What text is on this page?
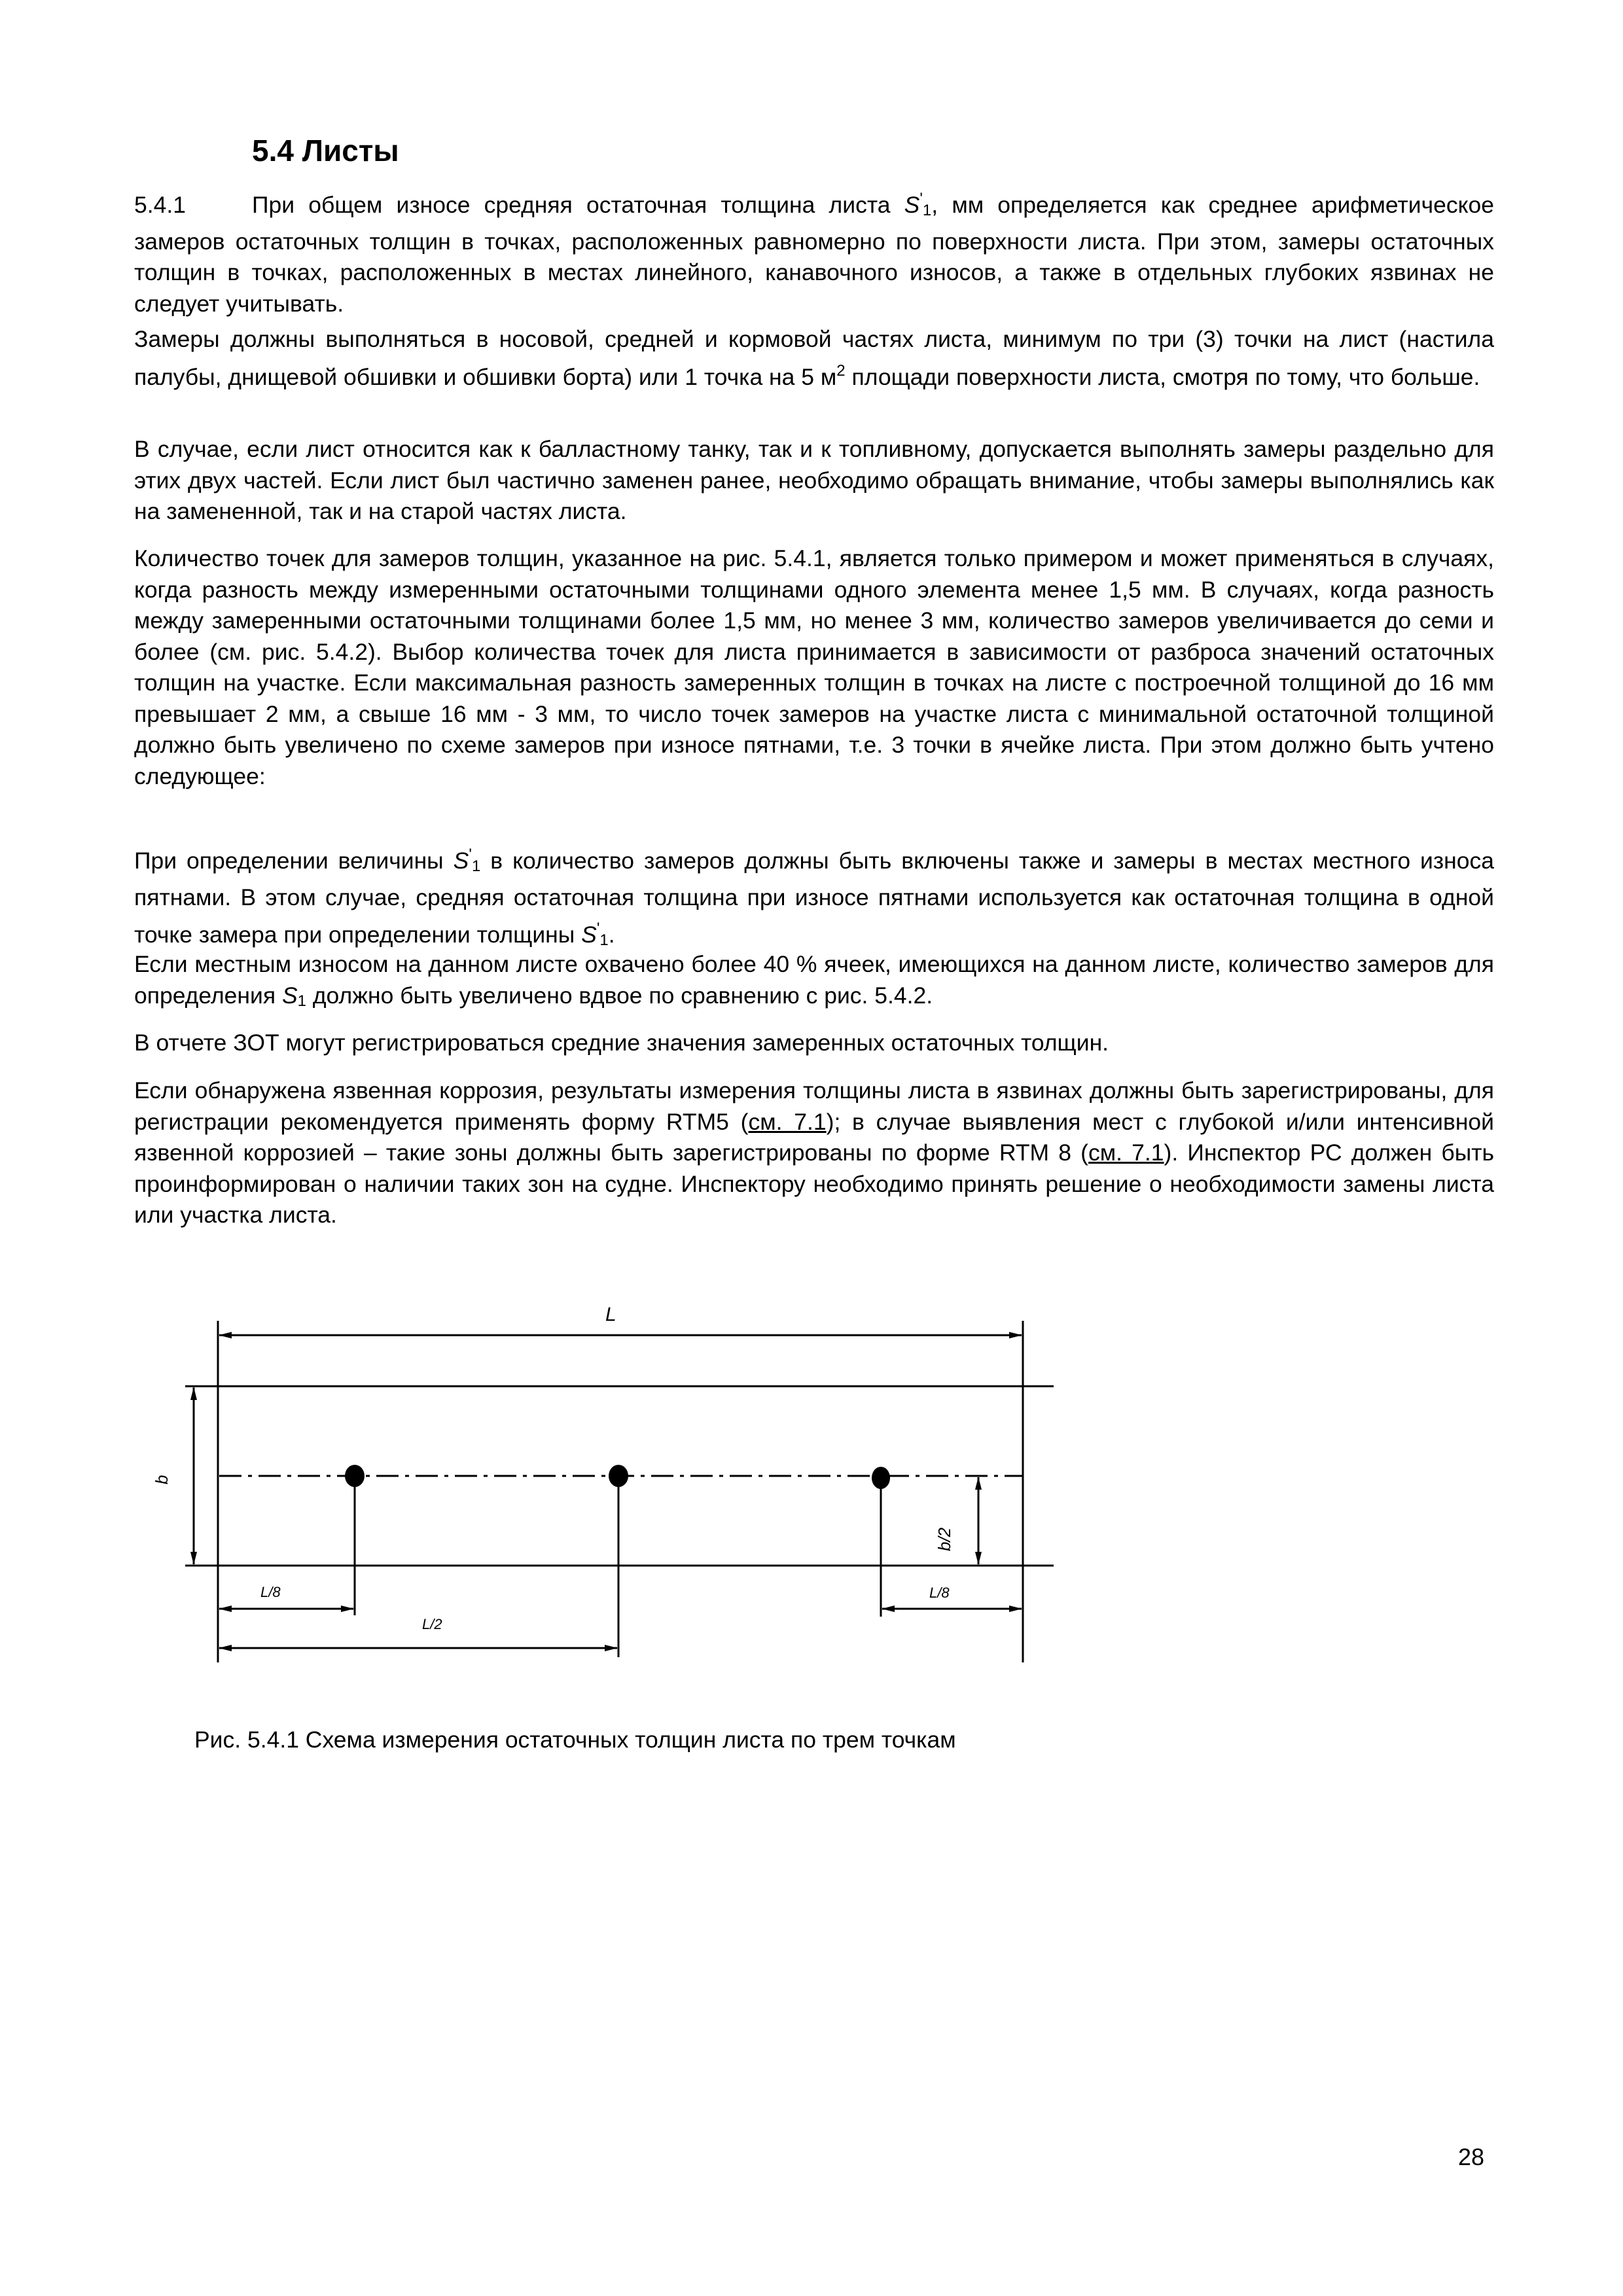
5.4 Листы
5.4.1	При общем износе средняя остаточная толщина листа S'1, мм определяется как среднее арифметическое замеров остаточных толщин в точках, расположенных равномерно по поверхности листа. При этом, замеры остаточных толщин в точках, расположенных в местах линейного, канавочного износов, а также в отдельных глубоких язвинах не следует учитывать.
Замеры должны выполняться в носовой, средней и кормовой частях листа, минимум по три (3) точки на лист (настила палубы, днищевой обшивки и обшивки борта) или 1 точка на 5 $м^2$ площади поверхности листа, смотря по тому, что больше.
В случае, если лист относится как к балластному танку, так и к топливному, допускается выполнять замеры раздельно для этих двух частей. Если лист был частично заменен ранее, необходимо обращать внимание, чтобы замеры выполнялись как на замененной, так и на старой частях листа.
Количество точек для замеров толщин, указанное на рис. 5.4.1, является только примером и может применяться в случаях, когда разность между измеренными остаточными толщинами одного элемента менее 1,5 мм. В случаях, когда разность между замеренными остаточными толщинами более 1,5 мм, но менее 3 мм, количество замеров увеличивается до семи и более (см. рис. 5.4.2). Выбор количества точек для листа принимается в зависимости от разброса значений остаточных толщин на участке. Если максимальная разность замеренных толщин в точках на листе с построечной толщиной до 16 мм превышает 2 мм, а свыше 16 мм - 3 мм, то число точек замеров на участке листа с минимальной остаточной толщиной должно быть увеличено по схеме замеров при износе пятнами, т.е. 3 точки в ячейке листа. При этом должно быть учтено следующее:
При определении величины S'1 в количество замеров должны быть включены также и замеры в местах местного износа пятнами. В этом случае, средняя остаточная толщина при износе пятнами используется как остаточная толщина в одной точке замера при определении толщины S'1.
Если местным износом на данном листе охвачено более 40 % ячеек, имеющихся на данном листе, количество замеров для определения S1 должно быть увеличено вдвое по сравнению с рис. 5.4.2.
В отчете ЗОТ могут регистрироваться средние значения замеренных остаточных толщин.
Если обнаружена язвенная коррозия, результаты измерения толщины листа в язвинах должны быть зарегистрированы, для регистрации рекомендуется применять форму RTM5 (см. 7.1); в случае выявления мест с глубокой и/или интенсивной язвенной коррозией – такие зоны должны быть зарегистрированы по форме RTM 8 (см. 7.1). Инспектор РС должен быть проинформирован о наличии таких зон на судне. Инспектору необходимо принять решение о необходимости замены листа или участка листа.
L
b
b/2
L/8
L/2
L/8
Рис. 5.4.1 Схема измерения остаточных толщин листа по трем точкам
28
